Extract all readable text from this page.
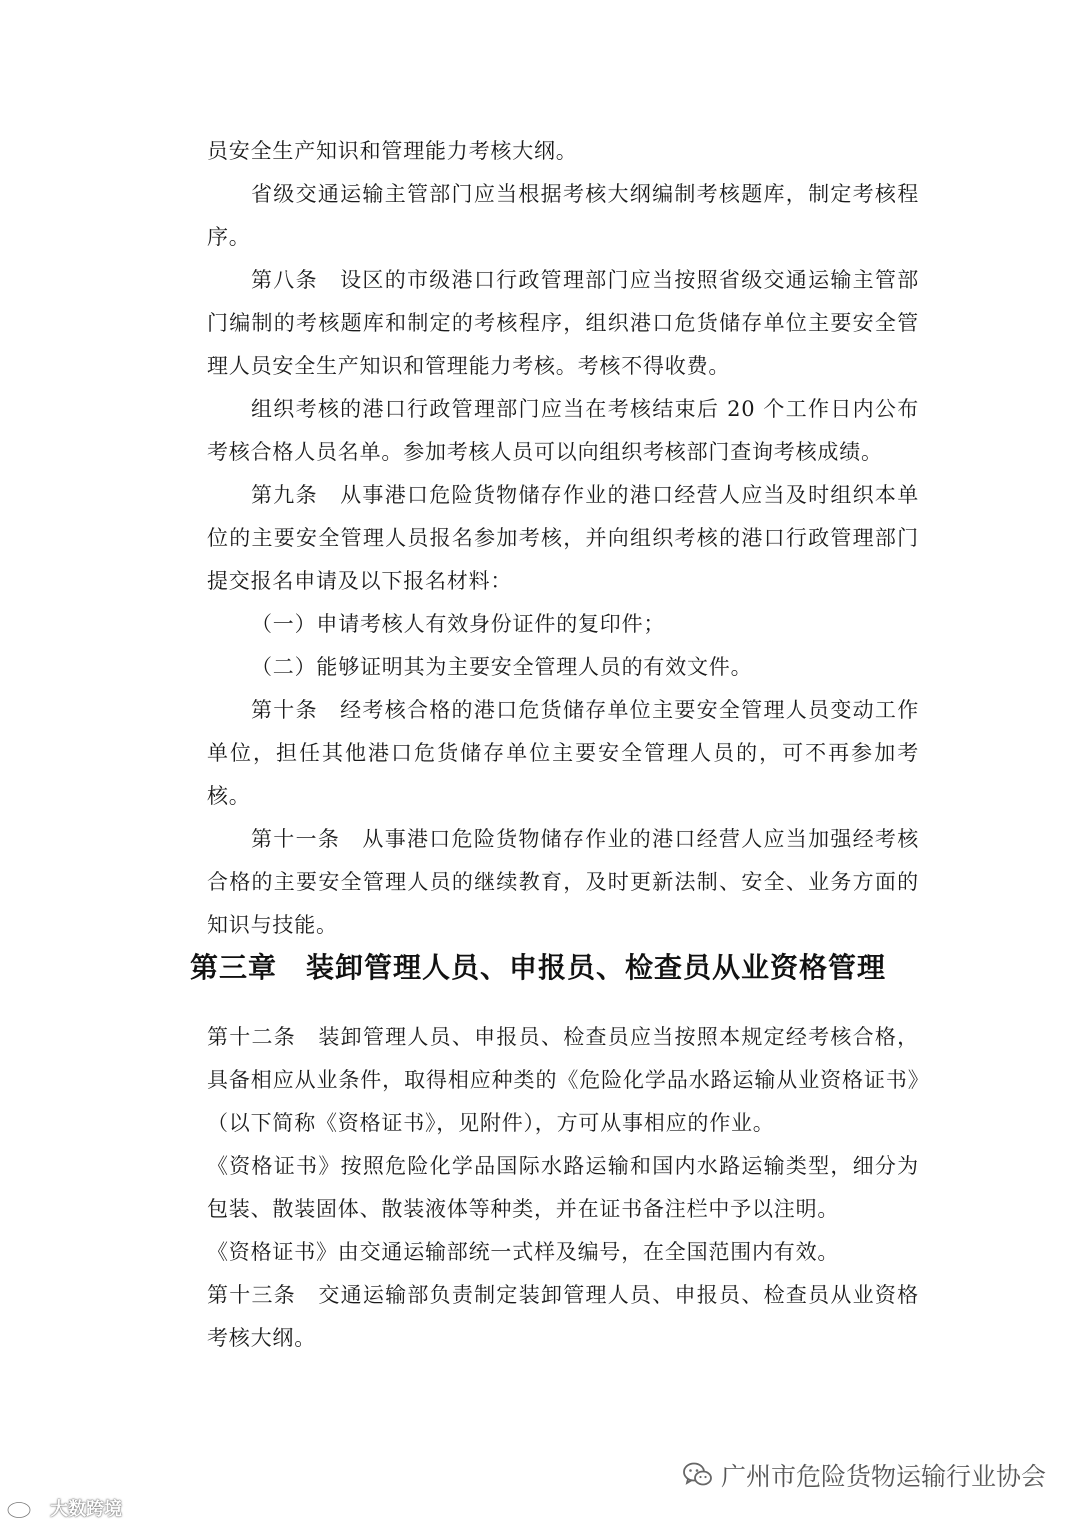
员安全生产知识和管理能力考核大纲。

省级交通运输主管部门应当根据考核大纲编制考核题库，制定考核程序。

第八条　设区的市级港口行政管理部门应当按照省级交通运输主管部门编制的考核题库和制定的考核程序，组织港口危货储存单位主要安全管理人员安全生产知识和管理能力考核。考核不得收费。

组织考核的港口行政管理部门应当在考核结束后 20 个工作日内公布考核合格人员名单。参加考核人员可以向组织考核部门查询考核成绩。

第九条　从事港口危险货物储存作业的港口经营人应当及时组织本单位的主要安全管理人员报名参加考核，并向组织考核的港口行政管理部门提交报名申请及以下报名材料：

（一）申请考核人有效身份证件的复印件；

（二）能够证明其为主要安全管理人员的有效文件。

第十条　经考核合格的港口危货储存单位主要安全管理人员变动工作单位，担任其他港口危货储存单位主要安全管理人员的，可不再参加考核。

第十一条　从事港口危险货物储存作业的港口经营人应当加强经考核合格的主要安全管理人员的继续教育，及时更新法制、安全、业务方面的知识与技能。

第三章　装卸管理人员、申报员、检查员从业资格管理

第十二条　装卸管理人员、申报员、检查员应当按照本规定经考核合格，具备相应从业条件，取得相应种类的《危险化学品水路运输从业资格证书》（以下简称《资格证书》，见附件），方可从事相应的作业。

《资格证书》按照危险化学品国际水路运输和国内水路运输类型，细分为包装、散装固体、散装液体等种类，并在证书备注栏中予以注明。

《资格证书》由交通运输部统一式样及编号，在全国范围内有效。

第十三条　交通运输部负责制定装卸管理人员、申报员、检查员从业资格考核大纲。

广州市危险货物运输行业协会
大数跨境
